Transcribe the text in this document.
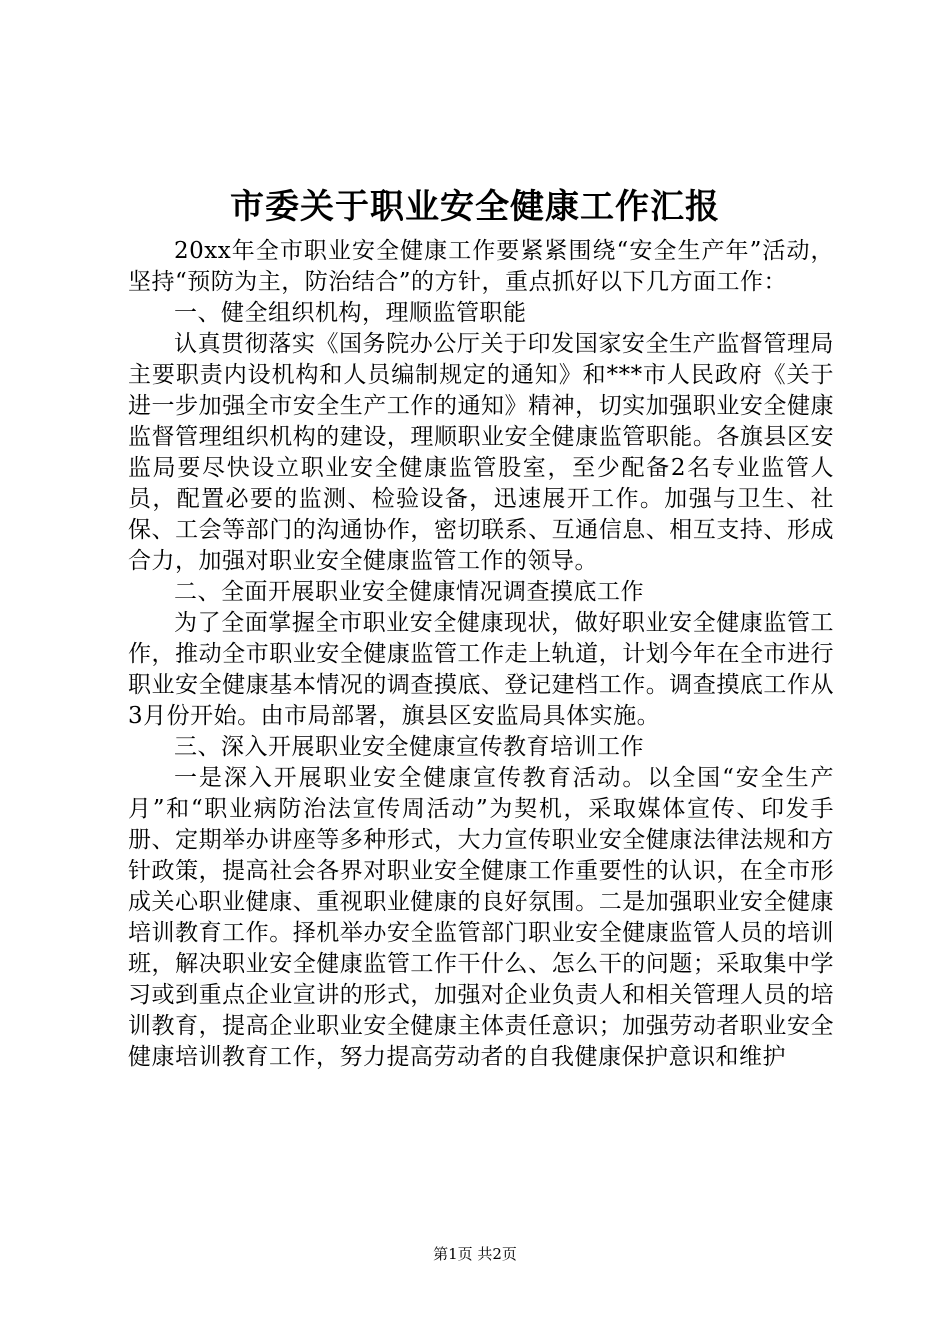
市委关于职业安全健康工作汇报

20xx年全市职业安全健康工作要紧紧围绕“安全生产年”活动，坚持“预防为主，防治结合”的方针，重点抓好以下几方面工作：

一、健全组织机构，理顺监管职能

认真贯彻落实《国务院办公厅关于印发国家安全生产监督管理局主要职责内设机构和人员编制规定的通知》和***市人民政府《关于进一步加强全市安全生产工作的通知》精神，切实加强职业安全健康监督管理组织机构的建设，理顺职业安全健康监管职能。各旗县区安监局要尽快设立职业安全健康监管股室，至少配备2名专业监管人员，配置必要的监测、检验设备，迅速展开工作。加强与卫生、社保、工会等部门的沟通协作，密切联系、互通信息、相互支持、形成合力，加强对职业安全健康监管工作的领导。

二、全面开展职业安全健康情况调查摸底工作

为了全面掌握全市职业安全健康现状，做好职业安全健康监管工作，推动全市职业安全健康监管工作走上轨道，计划今年在全市进行职业安全健康基本情况的调查摸底、登记建档工作。调查摸底工作从3月份开始。由市局部署，旗县区安监局具体实施。

三、深入开展职业安全健康宣传教育培训工作

一是深入开展职业安全健康宣传教育活动。以全国“安全生产月”和“职业病防治法宣传周活动”为契机，采取媒体宣传、印发手册、定期举办讲座等多种形式，大力宣传职业安全健康法律法规和方针政策，提高社会各界对职业安全健康工作重要性的认识，在全市形成关心职业健康、重视职业健康的良好氛围。二是加强职业安全健康培训教育工作。择机举办安全监管部门职业安全健康监管人员的培训班，解决职业安全健康监管工作干什么、怎么干的问题；采取集中学习或到重点企业宣讲的形式，加强对企业负责人和相关管理人员的培训教育，提高企业职业安全健康主体责任意识；加强劳动者职业安全健康培训教育工作，努力提高劳动者的自我健康保护意识和维护

第1页 共2页
